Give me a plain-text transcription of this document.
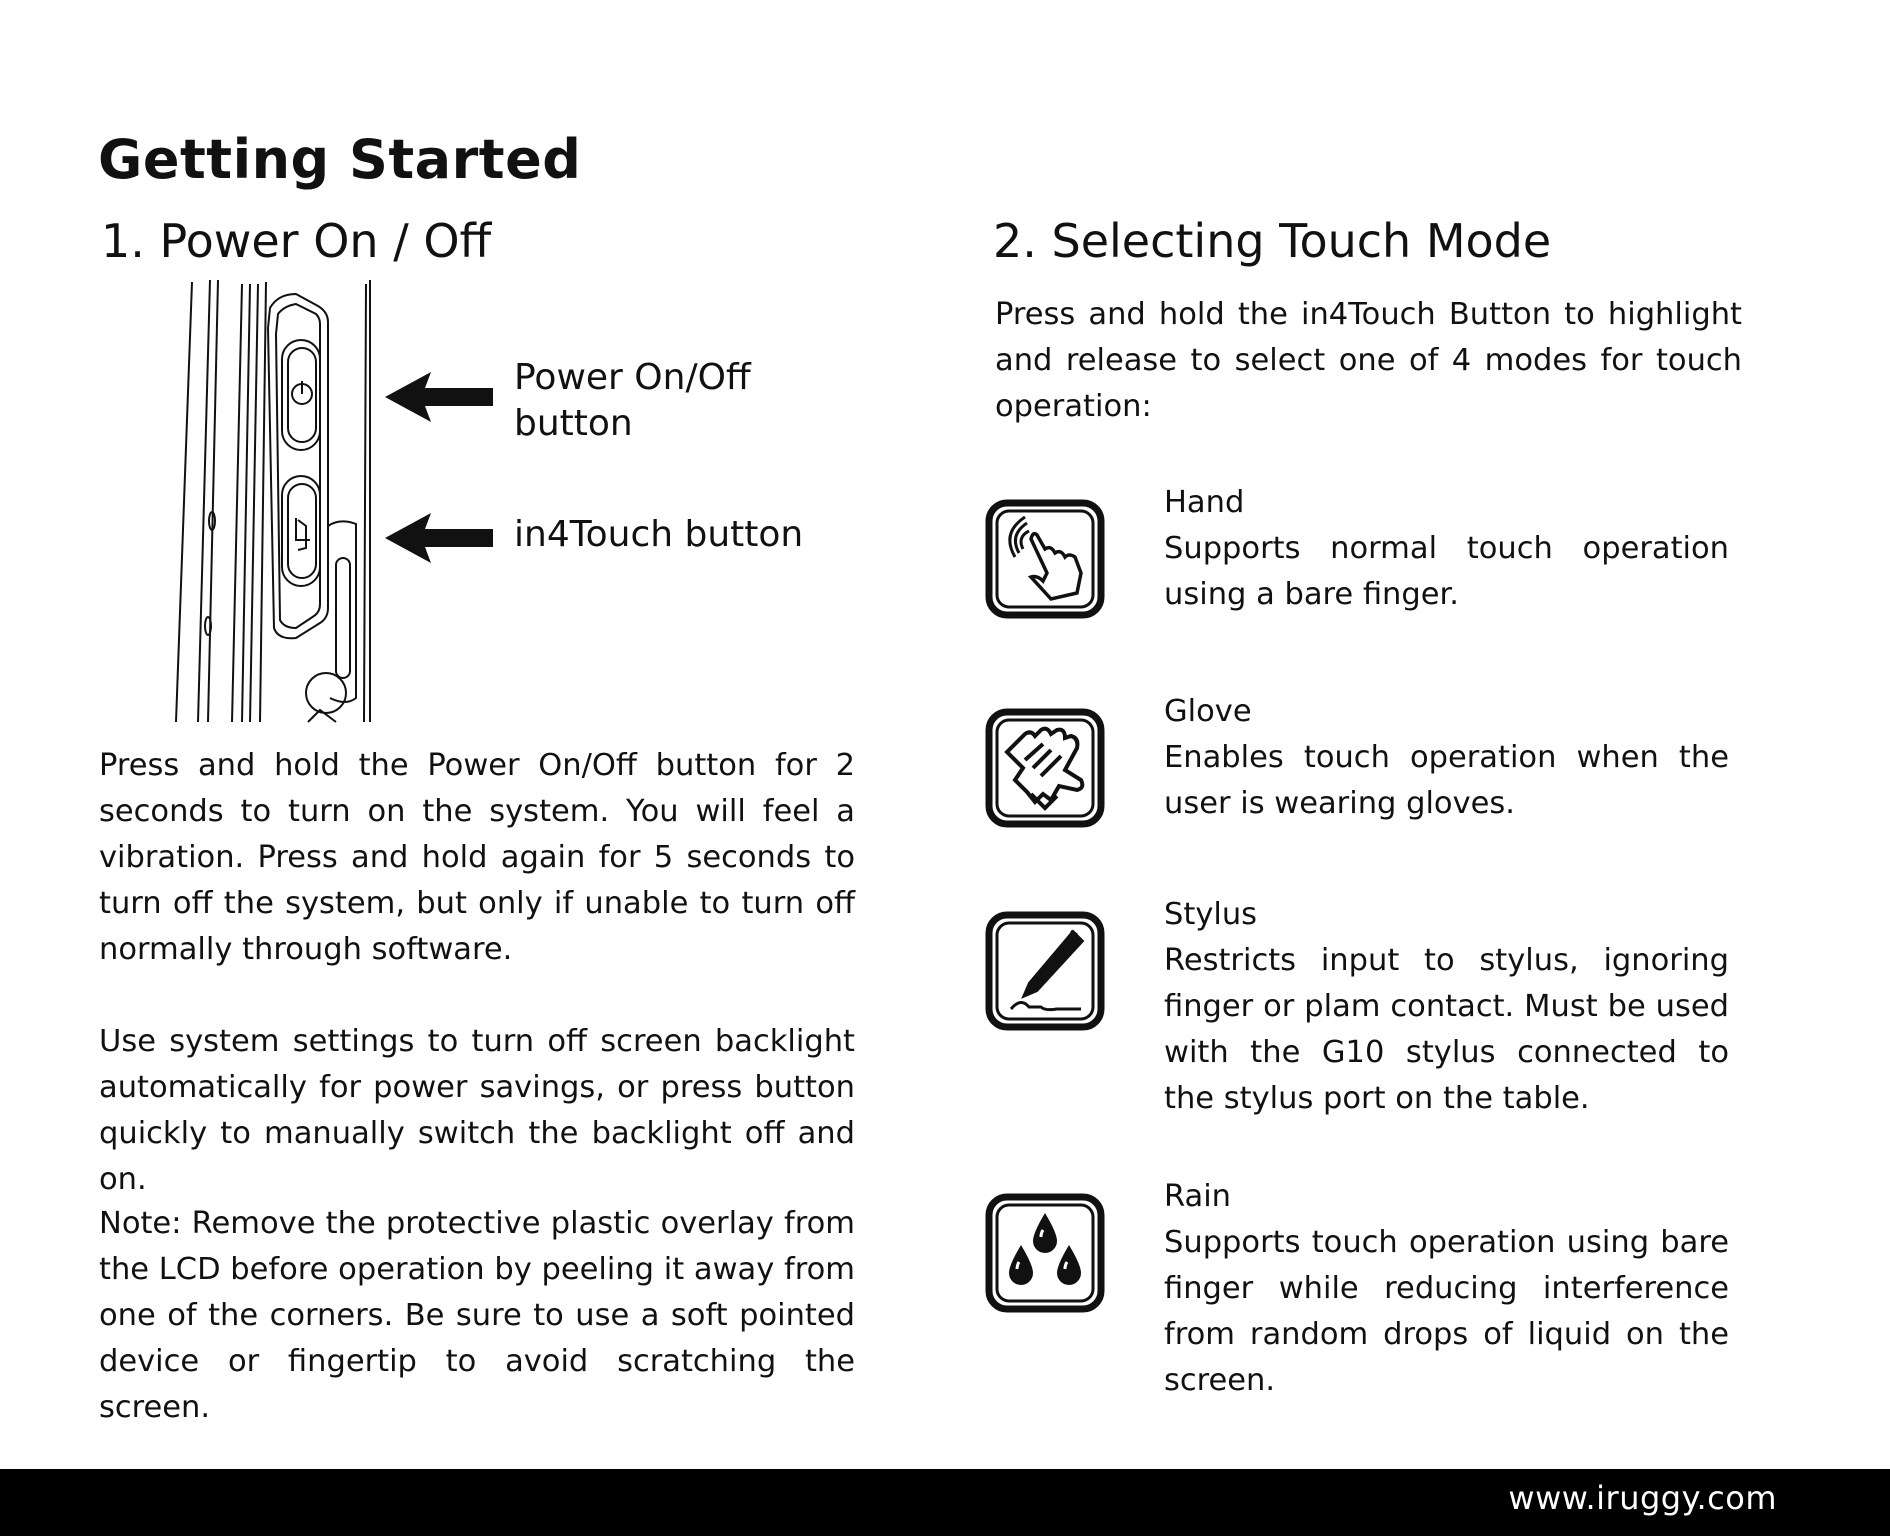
Getting Started
1. Power On / Off	2. Selecting Touch Mode
Power On/Off button
in4Touch button

Press and hold the Power On/Off button for 2 seconds to turn on the system. You will feel a vibration. Press and hold again for 5 seconds to turn off the system, but only if unable to turn off normally through software.

Use system settings to turn off screen backlight automatically for power savings, or press button quickly to manually switch the backlight off and on.

Note: Remove the protective plastic overlay from the LCD before operation by peeling it away from one of the corners. Be sure to use a soft pointed device or fingertip to avoid scratching the screen.

Press and hold the in4Touch Button to highlight and release to select one of 4 modes for touch operation:

Hand
Supports normal touch operation using a bare finger.
Glove
Enables touch operation when the user is wearing gloves.
Stylus
Restricts input to stylus, ignoring finger or plam contact. Must be used with the G10 stylus connected to the stylus port on the table.
Rain
Supports touch operation using bare finger while reducing interference from random drops of liquid on the screen.
www.iruggy.com
